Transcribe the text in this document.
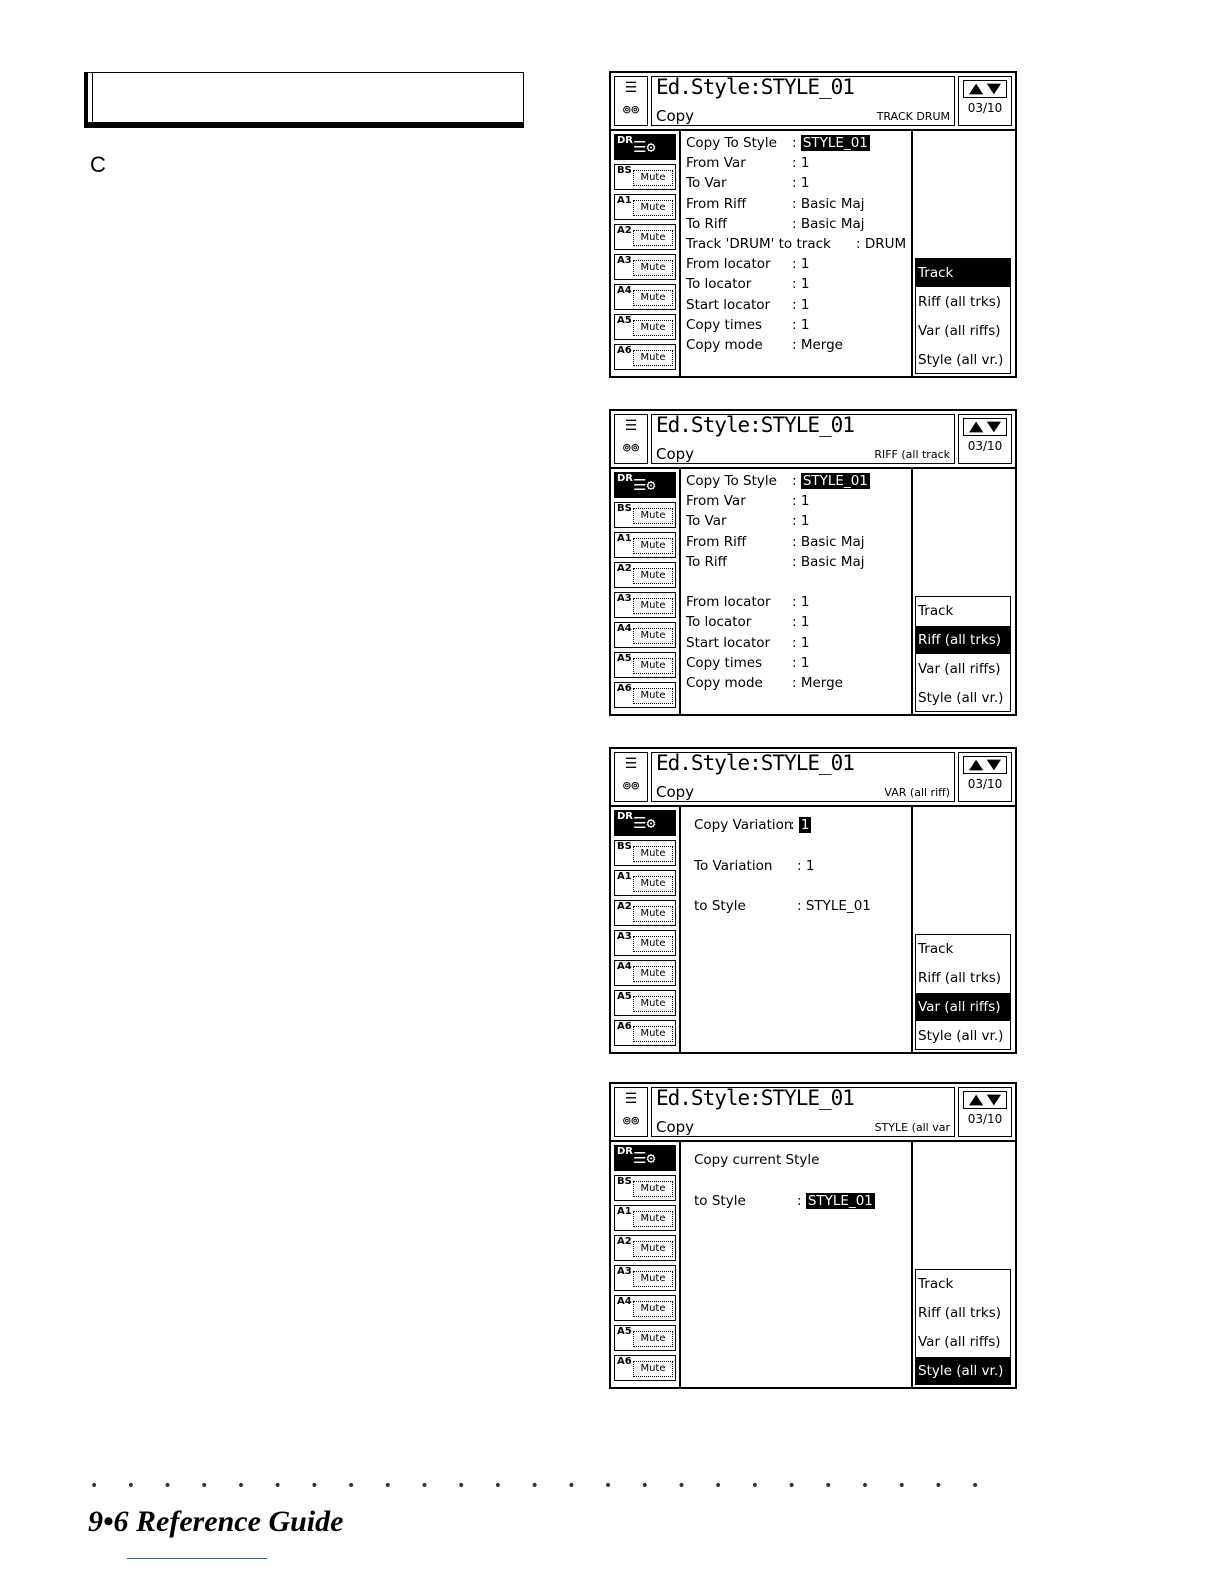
C
☰
⊚⊚
Ed.Style:STYLE_01
Copy	TRACK DRUM
03/10
DR ☰⚙
BS
Mute
A1
Mute
A2
Mute
A3
Mute
A4
Mute
A5
Mute
A6
Mute
Copy To Style : STYLE_01
From Var	: 1
To Var	: 1
From Riff	: Basic Maj
To Riff	: Basic Maj
Track 'DRUM' to track : DRUM
From locator : 1
To locator	: 1
Start locator : 1
Copy times : 1
Copy mode : Merge
Track
Riff (all trks)
Var (all riffs)
Style (all vr.)
☰
⊚⊚
Ed.Style:STYLE_01
Copy	RIFF (all track
03/10
DR ☰⚙
BS
Mute
A1
Mute
A2
Mute
A3
Mute
A4
Mute
A5
Mute
A6
Mute
Copy To Style : STYLE_01
From Var	: 1
To Var	: 1
From Riff	: Basic Maj
To Riff	: Basic Maj
From locator : 1
To locator	: 1
Start locator : 1
Copy times : 1
Copy mode : Merge
Track
Riff (all trks)
Var (all riffs)
Style (all vr.)
☰
⊚⊚
Ed.Style:STYLE_01
Copy	VAR (all riff)
03/10
DR ☰⚙
BS
Mute
A1
Mute
A2
Mute
A3
Mute
A4
Mute
A5
Mute
A6
Mute
Copy Variation
: 1
To Variation : 1
to Style	: STYLE_01
Track
Riff (all trks)
Var (all riffs)
Style (all vr.)
☰
⊚⊚
Ed.Style:STYLE_01
Copy	STYLE (all var
03/10
DR ☰⚙
BS
Mute
A1
Mute
A2
Mute
A3
Mute
A4
Mute
A5
Mute
A6
Mute
Copy current Style
to Style	: STYLE_01
Track
Riff (all trks)
Var (all riffs)
Style (all vr.)
• • • • • • • • • • • • • • • • • • • • • • • • •
9•6 Reference Guide
